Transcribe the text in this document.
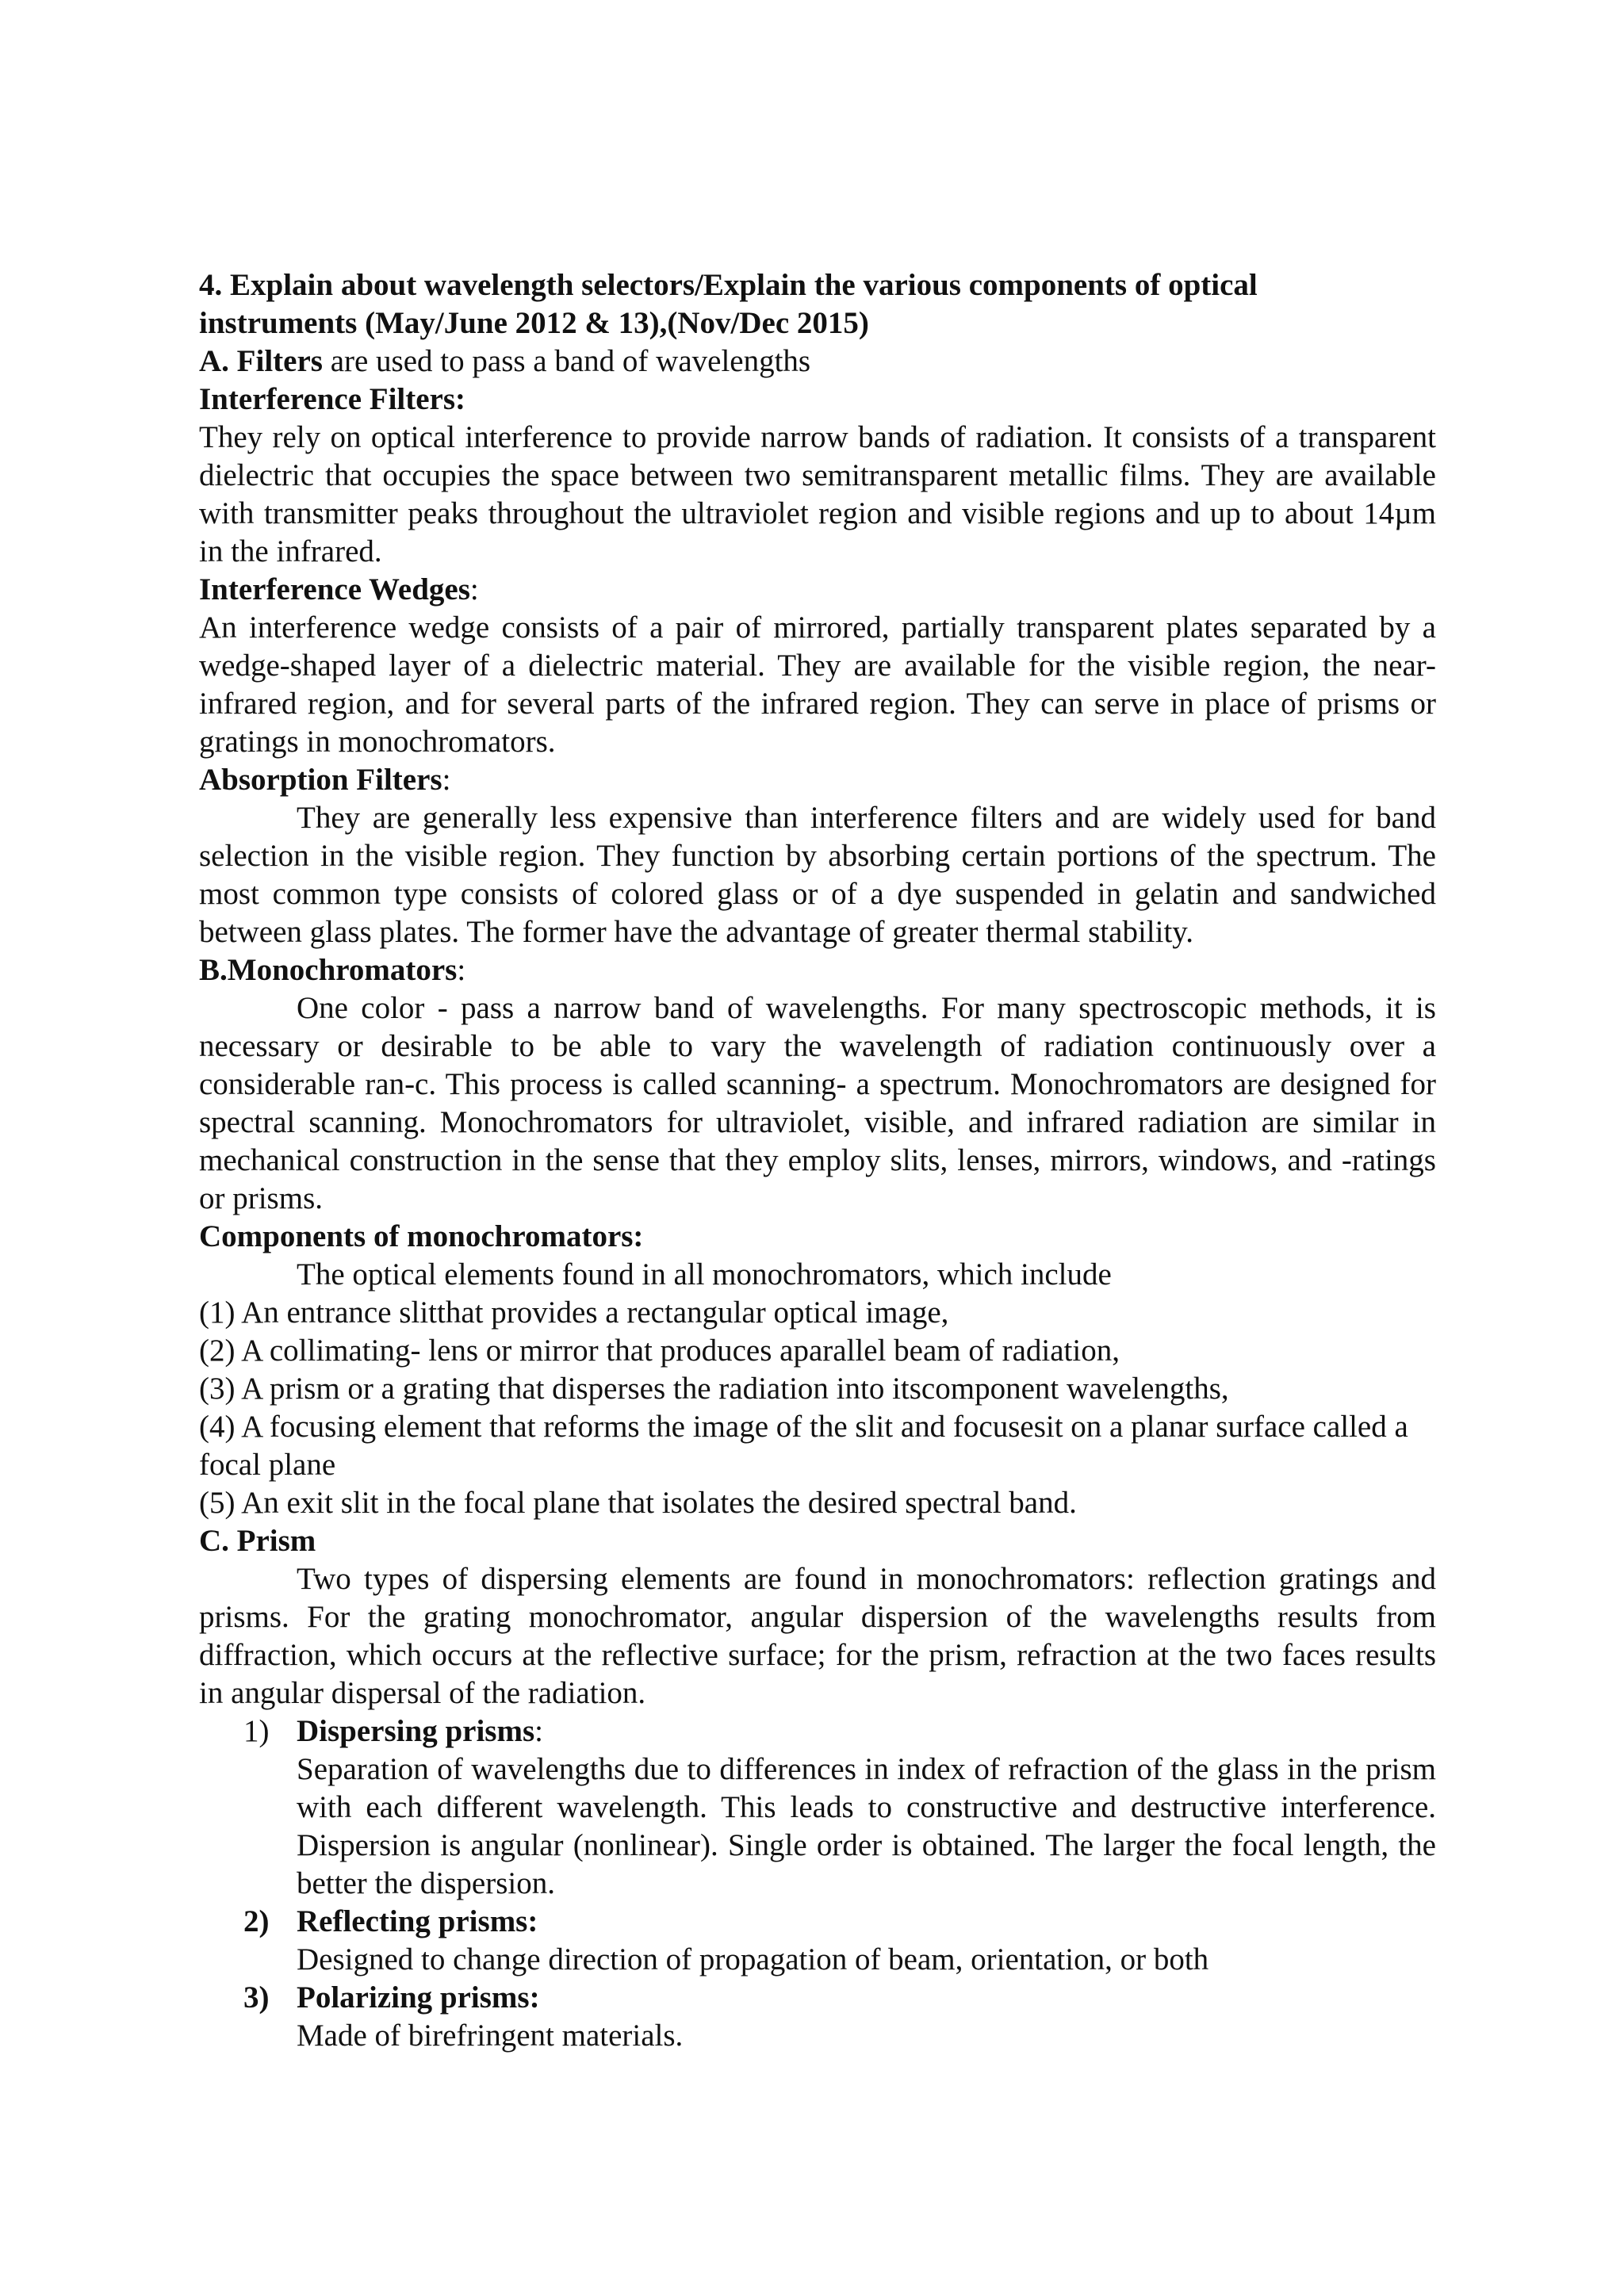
4. Explain about wavelength selectors/Explain the various components of optical
instruments (May/June 2012 & 13),(Nov/Dec 2015)

A. Filters are used to pass a band of wavelengths

Interference Filters:

They rely on optical interference to provide narrow bands of radiation. It consists of a transparent dielectric that occupies the space between two semitransparent metallic films. They are available with transmitter peaks throughout the ultraviolet region and visible regions and up to about 14µm in the infrared.

Interference Wedges:

An interference wedge consists of a pair of mirrored, partially transparent plates separated by a wedge-shaped layer of a dielectric material. They are available for the visible region, the near-infrared region, and for several parts of the infrared region. They can serve in place of prisms or gratings in monochromators.

Absorption Filters:

They are generally less expensive than interference filters and are widely used for band selection in the visible region. They function by absorbing certain portions of the spectrum. The most common type consists of colored glass or of a dye suspended in gelatin and sandwiched between glass plates. The former have the advantage of greater thermal stability.

B.Monochromators:

One color - pass a narrow band of wavelengths. For many spectroscopic methods, it is necessary or desirable to be able to vary the wavelength of radiation continuously over a considerable ran-c. This process is called scanning- a spectrum. Monochromators are designed for spectral scanning. Monochromators for ultraviolet, visible, and infrared radiation are similar in mechanical construction in the sense that they employ slits, lenses, mirrors, windows, and -ratings or prisms.

Components of monochromators:

The optical elements found in all monochromators, which include

(1) An entrance slitthat provides a rectangular optical image,

(2) A collimating- lens or mirror that produces aparallel beam of radiation,

(3) A prism or a grating that disperses the radiation into itscomponent wavelengths,

(4) A focusing element that reforms the image of the slit and focusesit on a planar surface called a focal plane

(5) An exit slit in the focal plane that isolates the desired spectral band.

C. Prism

Two types of dispersing elements are found in monochromators: reflection gratings and prisms. For the grating monochromator, angular dispersion of the wavelengths results from diffraction, which occurs at the reflective surface; for the prism, refraction at the two faces results in angular dispersal of the radiation.

1) Dispersing prisms:
Separation of wavelengths due to differences in index of refraction of the glass in the prism with each different wavelength. This leads to constructive and destructive interference. Dispersion is angular (nonlinear). Single order is obtained. The larger the focal length, the better the dispersion.
2) Reflecting prisms:
Designed to change direction of propagation of beam, orientation, or both
3) Polarizing prisms:
Made of birefringent materials.
